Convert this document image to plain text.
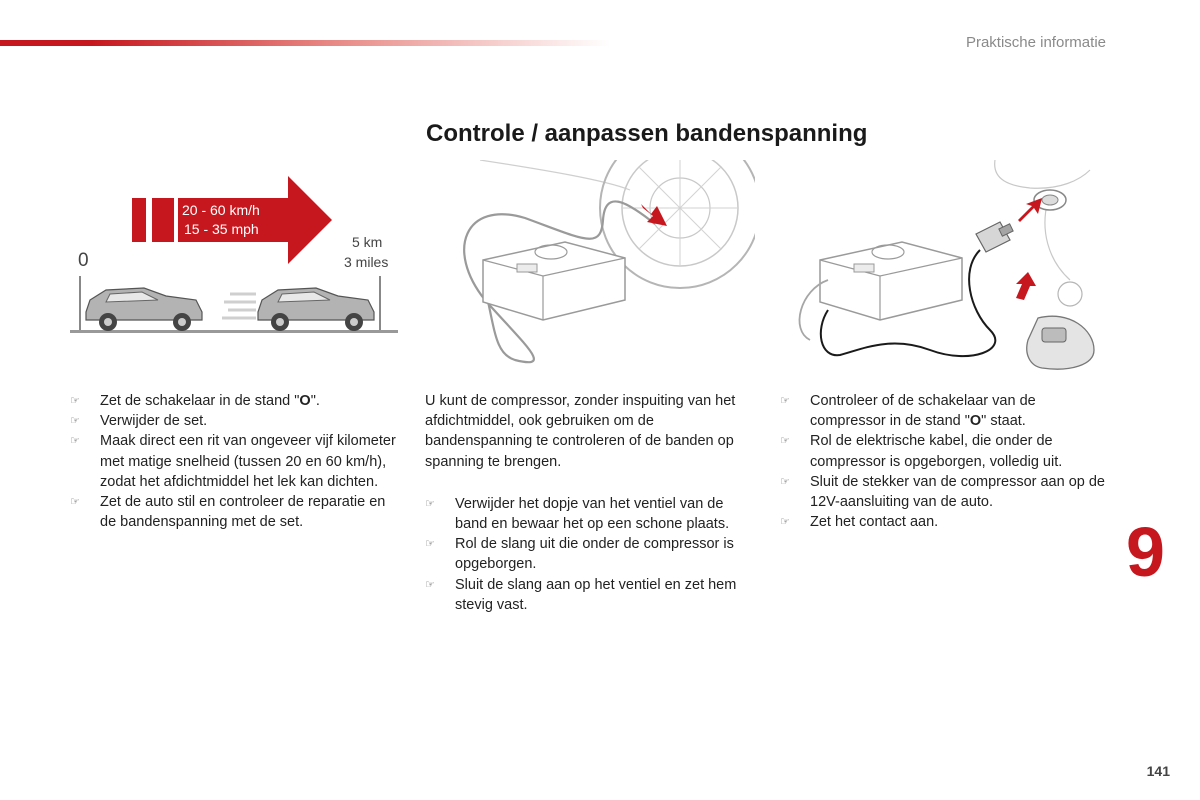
Praktische informatie
Controle / aanpassen bandenspanning
20 - 60 km/h
15 - 35 mph
0
5 km
3 miles
☞ Zet de schakelaar in de stand "O".
☞ Verwijder de set.
☞ Maak direct een rit van ongeveer vijf kilometer met matige snelheid (tussen 20 en 60 km/h), zodat het afdichtmiddel het lek kan dichten.
☞ Zet de auto stil en controleer de reparatie en de bandenspanning met de set.

U kunt de compressor, zonder inspuiting van het afdichtmiddel, ook gebruiken om de bandenspanning te controleren of de banden op spanning te brengen.

☞ Verwijder het dopje van het ventiel van de band en bewaar het op een schone plaats.
☞ Rol de slang uit die onder de compressor is opgeborgen.
☞ Sluit de slang aan op het ventiel en zet hem stevig vast.
☞ Controleer of de schakelaar van de compressor in de stand "O" staat.
☞ Rol de elektrische kabel, die onder de compressor is opgeborgen, volledig uit.
☞ Sluit de stekker van de compressor aan op de 12V-aansluiting van de auto.
☞ Zet het contact aan.	9
141
